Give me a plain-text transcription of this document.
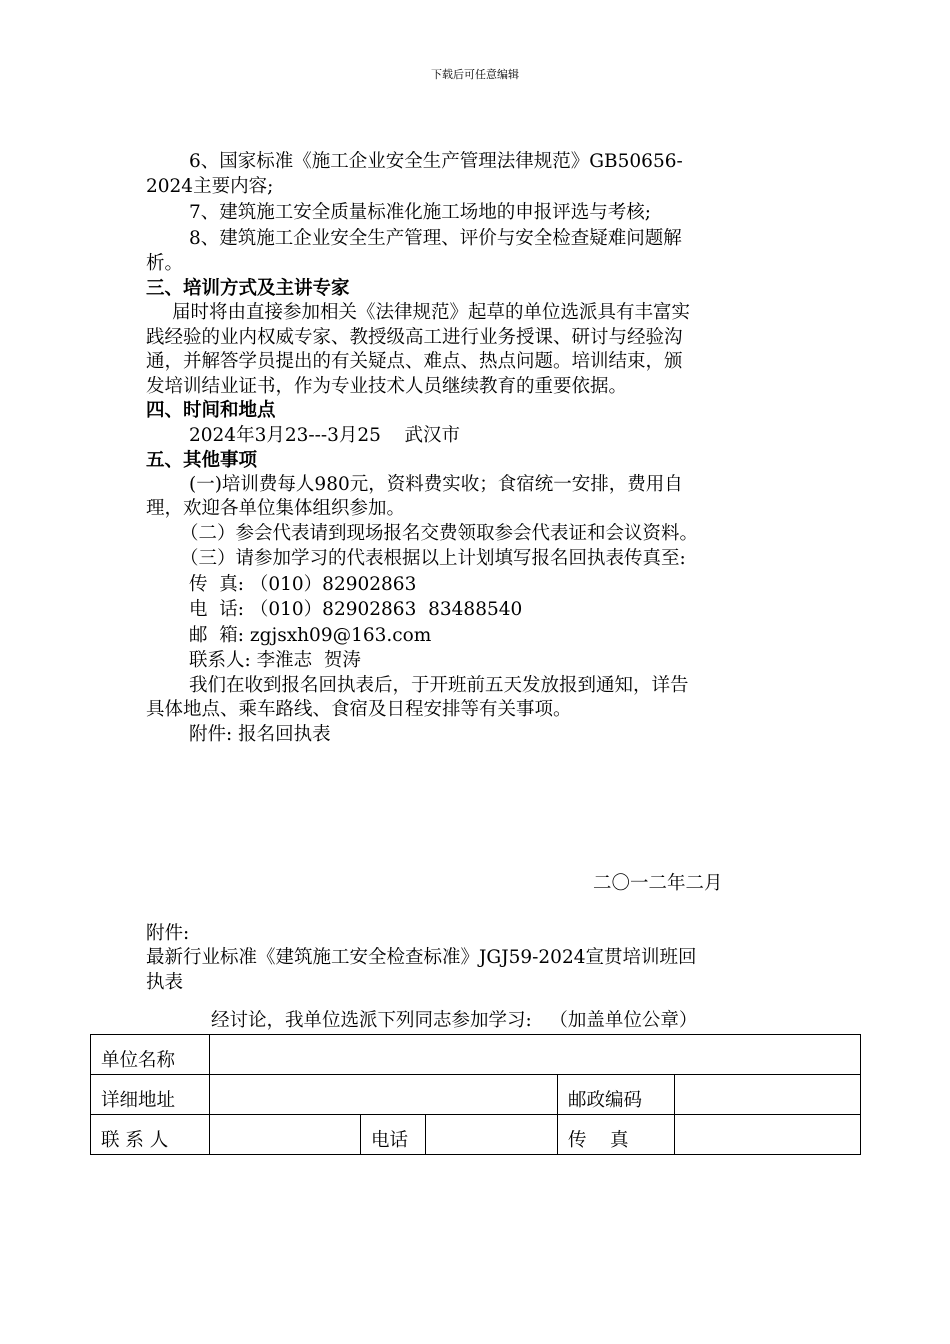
下载后可任意编辑
6、国家标准《施工企业安全生产管理法律规范》GB50656-
2024主要内容;
7、建筑施工安全质量标准化施工场地的申报评选与考核;
8、建筑施工企业安全生产管理、评价与安全检查疑难问题解
析。
三、培训方式及主讲专家
届时将由直接参加相关《法律规范》起草的单位选派具有丰富实
践经验的业内权威专家、教授级高工进行业务授课、研讨与经验沟
通，并解答学员提出的有关疑点、难点、热点问题。培训结束，颁
发培训结业证书，作为专业技术人员继续教育的重要依据。
四、时间和地点
2024年3月23---3月25    武汉市
五、其他事项
(一)培训费每人980元，资料费实收；食宿统一安排，费用自
理，欢迎各单位集体组织参加。
（二）参会代表请到现场报名交费领取参会代表证和会议资料。
（三）请参加学习的代表根据以上计划填写报名回执表传真至:
传  真: （010）82902863
电  话: （010）82902863  83488540
邮  箱: zgjsxh09@163.com
联系人: 李淮志  贺涛
我们在收到报名回执表后，于开班前五天发放报到通知，详告
具体地点、乘车路线、食宿及日程安排等有关事项。
附件: 报名回执表
二〇一二年二月
附件:
最新行业标准《建筑施工安全检查标准》JGJ59-2024宣贯培训班回
执表
经讨论，我单位选派下列同志参加学习:   （加盖单位公章）
单位名称					
详细地址				邮政编码	
联 系 人		电话		传    真	
